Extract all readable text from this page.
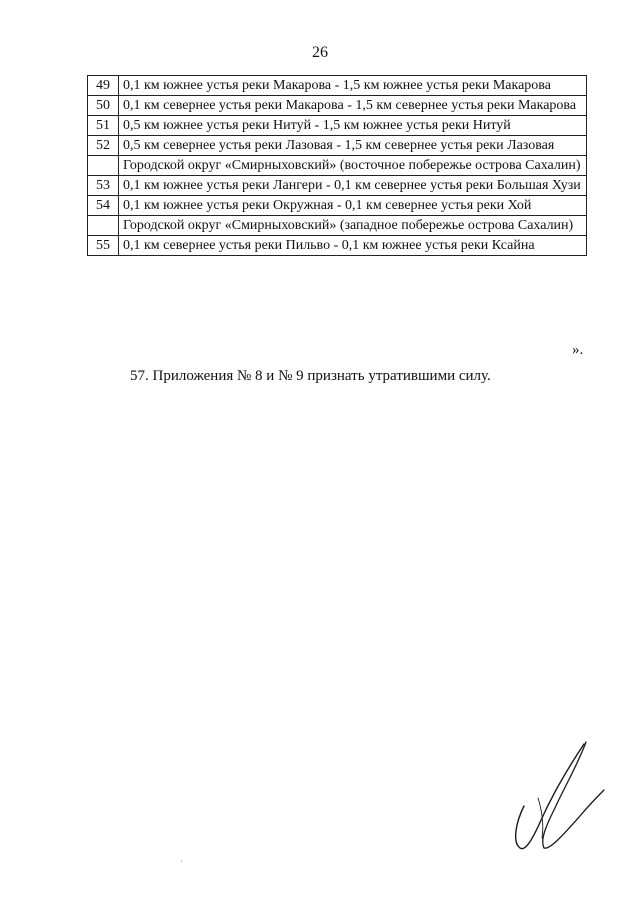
26
49	0,1 км южнее устья реки Макарова - 1,5 км южнее устья реки Макарова
50	0,1 км севернее устья реки Макарова - 1,5 км севернее устья реки Макарова
51	0,5 км южнее устья реки Нитуй - 1,5 км южнее устья реки Нитуй
52	0,5 км севернее устья реки Лазовая - 1,5 км севернее устья реки Лазовая
	Городской округ «Смирныховский» (восточное побережье острова Сахалин)
53	0,1 км южнее устья реки Лангери - 0,1 км севернее устья реки Большая Хузи
54	0,1 км южнее устья реки Окружная - 0,1 км севернее устья реки Хой
	Городской округ «Смирныховский» (западное побережье острова Сахалин)
55	0,1 км севернее устья реки Пильво - 0,1 км южнее устья реки Ксайна
».
57. Приложения № 8 и № 9 признать утратившими силу.
